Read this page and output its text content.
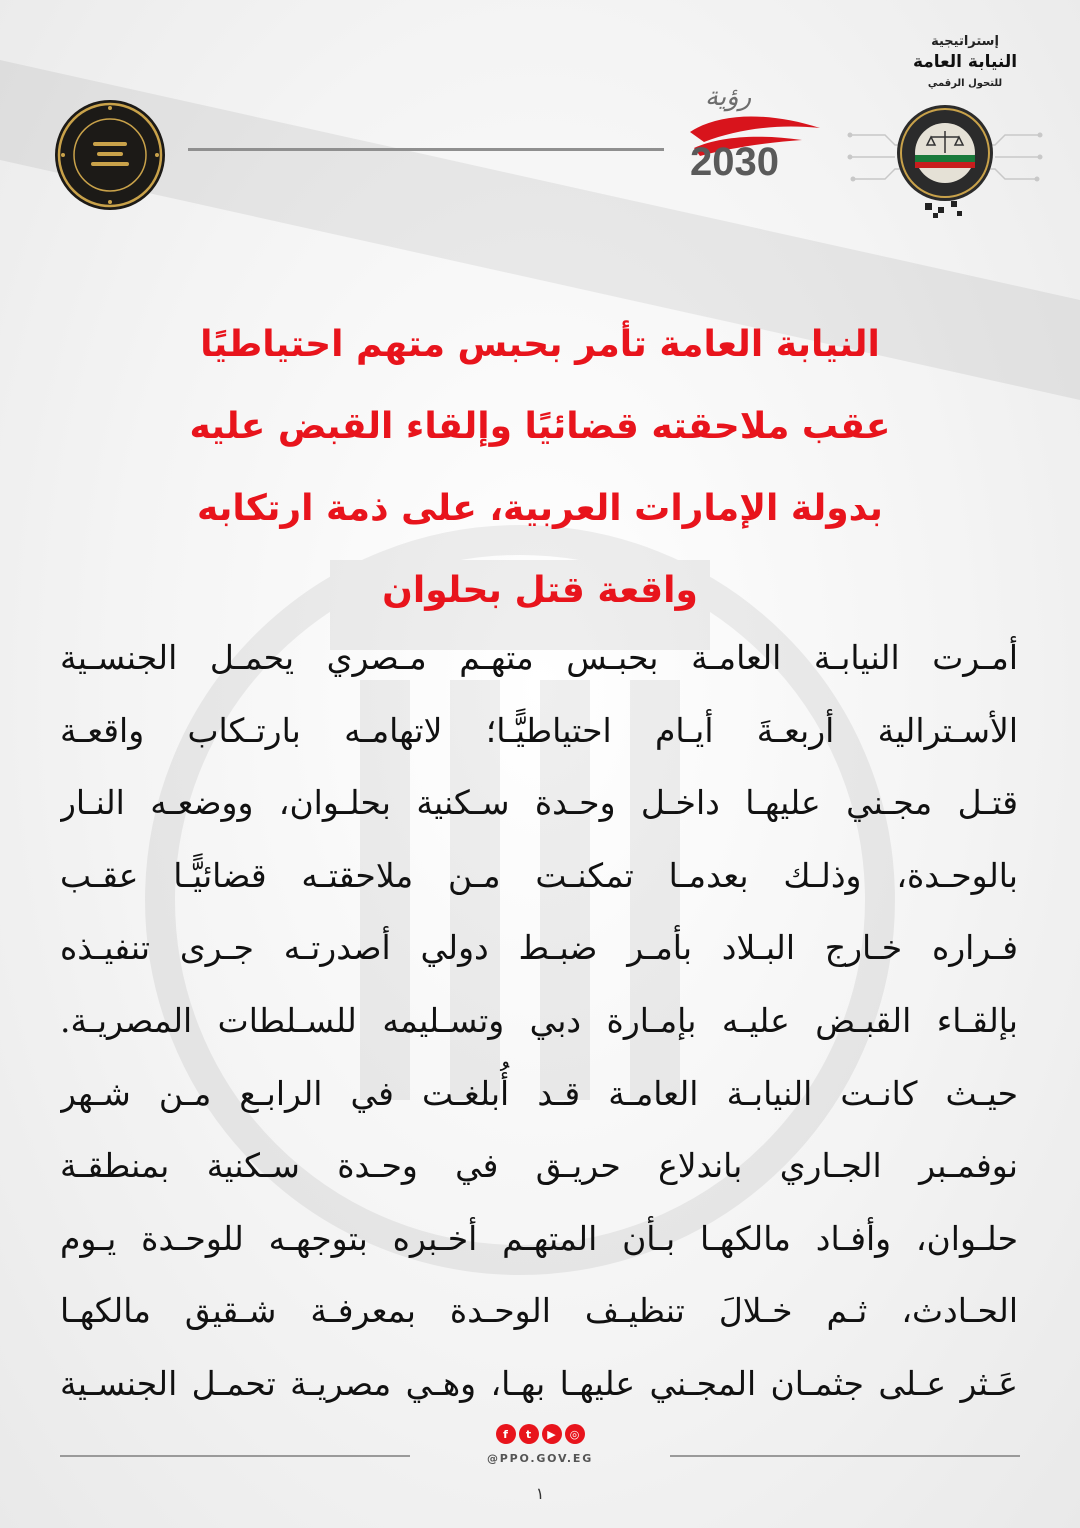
إستراتيجية
النيابة العامة
للتحول الرقمي
رؤية
2030
النيابة العامة تأمر بحبس متهم احتياطيًا
عقب ملاحقته قضائيًا وإلقاء القبض عليه
بدولة الإمارات العربية، على ذمة ارتكابه
واقعة قتل بحلوان
أمـرت النيابـة العامـة بحبـس متهـم مـصري يحمـل الجنسـية
الأسـترالية أربعـةَ أيـام احتياطيًّـا؛ لاتهامـه بارتـكاب واقعـة
قتـل مجـني عليهـا داخـل وحـدة سـكنية بحلـوان، ووضعـه النـار
بالوحـدة، وذلـك بعدمـا تمكنـت مـن ملاحقتـه قضائيًّـا عقـب
فـراره خـارج البـلاد بأمـر ضبـط دولي أصدرتـه جـرى تنفيـذه
بإلقـاء القبـض عليـه بإمـارة دبي وتسـليمه للسـلطات المصريـة.
حيـث كانـت النيابـة العامـة قـد أُبلغـت في الرابـع مـن شـهر
نوفمـبر الجـاري باندلاع حريـق في وحـدة سـكنية بمنطقـة
حلـوان، وأفـاد مالكهـا بـأن المتهـم أخـبره بتوجهـه للوحـدة يـوم
الحـادث، ثـم خـلالَ تنظيـف الوحـدة بمعرفـة شـقيق مالكهـا
عَـثر عـلى جثمـان المجـني عليهـا بهـا، وهـي مصريـة تحمـل الجنسـية
f	t	▶	◎
@PPO.GOV.EG
١
